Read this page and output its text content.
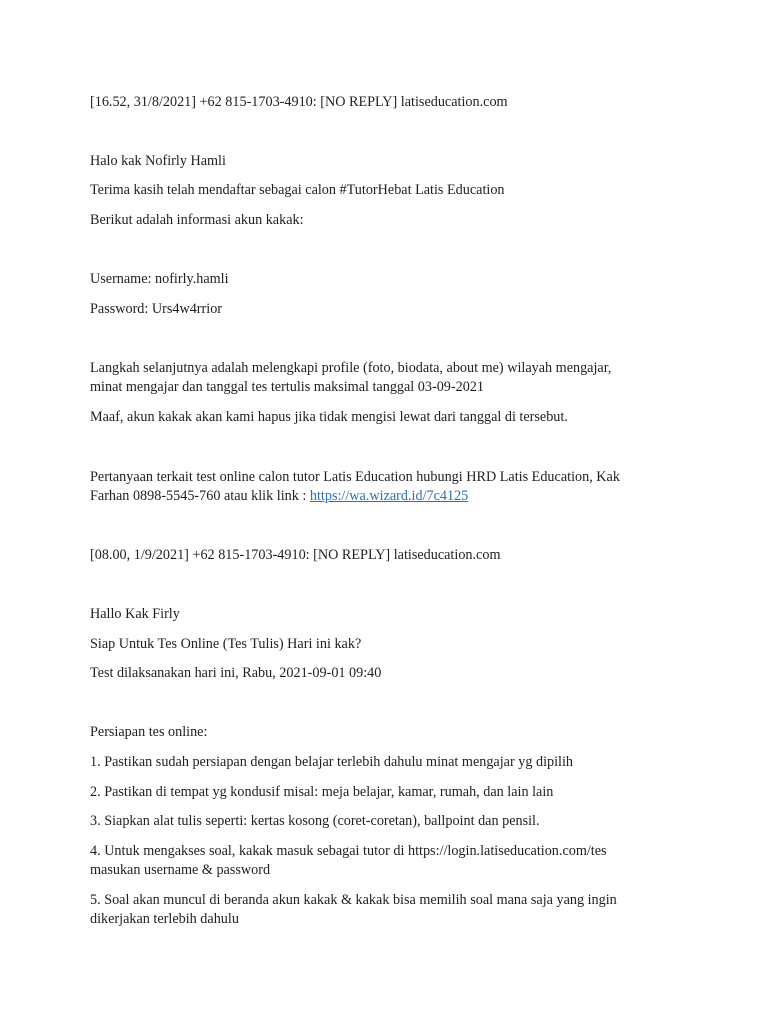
[16.52, 31/8/2021] +62 815-1703-4910: [NO REPLY] latiseducation.com
Halo kak Nofirly Hamli
Terima kasih telah mendaftar sebagai calon #TutorHebat Latis Education
Berikut adalah informasi akun kakak:
Username: nofirly.hamli
Password: Urs4w4rrior
Langkah selanjutnya adalah melengkapi profile (foto, biodata, about me) wilayah mengajar,
minat mengajar dan tanggal tes tertulis maksimal tanggal 03-09-2021
Maaf, akun kakak akan kami hapus jika tidak mengisi lewat dari tanggal di tersebut.
Pertanyaan terkait test online calon tutor Latis Education hubungi HRD Latis Education, Kak
Farhan 0898-5545-760 atau klik link : https://wa.wizard.id/7c4125
[08.00, 1/9/2021] +62 815-1703-4910: [NO REPLY] latiseducation.com
Hallo Kak Firly
Siap Untuk Tes Online (Tes Tulis) Hari ini kak?
Test dilaksanakan hari ini, Rabu, 2021-09-01 09:40
Persiapan tes online:
1. Pastikan sudah persiapan dengan belajar terlebih dahulu minat mengajar yg dipilih
2. Pastikan di tempat yg kondusif misal: meja belajar, kamar, rumah, dan lain lain
3. Siapkan alat tulis seperti: kertas kosong (coret-coretan), ballpoint dan pensil.
4. Untuk mengakses soal, kakak masuk sebagai tutor di https://login.latiseducation.com/tes
masukan username & password
5. Soal akan muncul di beranda akun kakak & kakak bisa memilih soal mana saja yang ingin
dikerjakan terlebih dahulu
